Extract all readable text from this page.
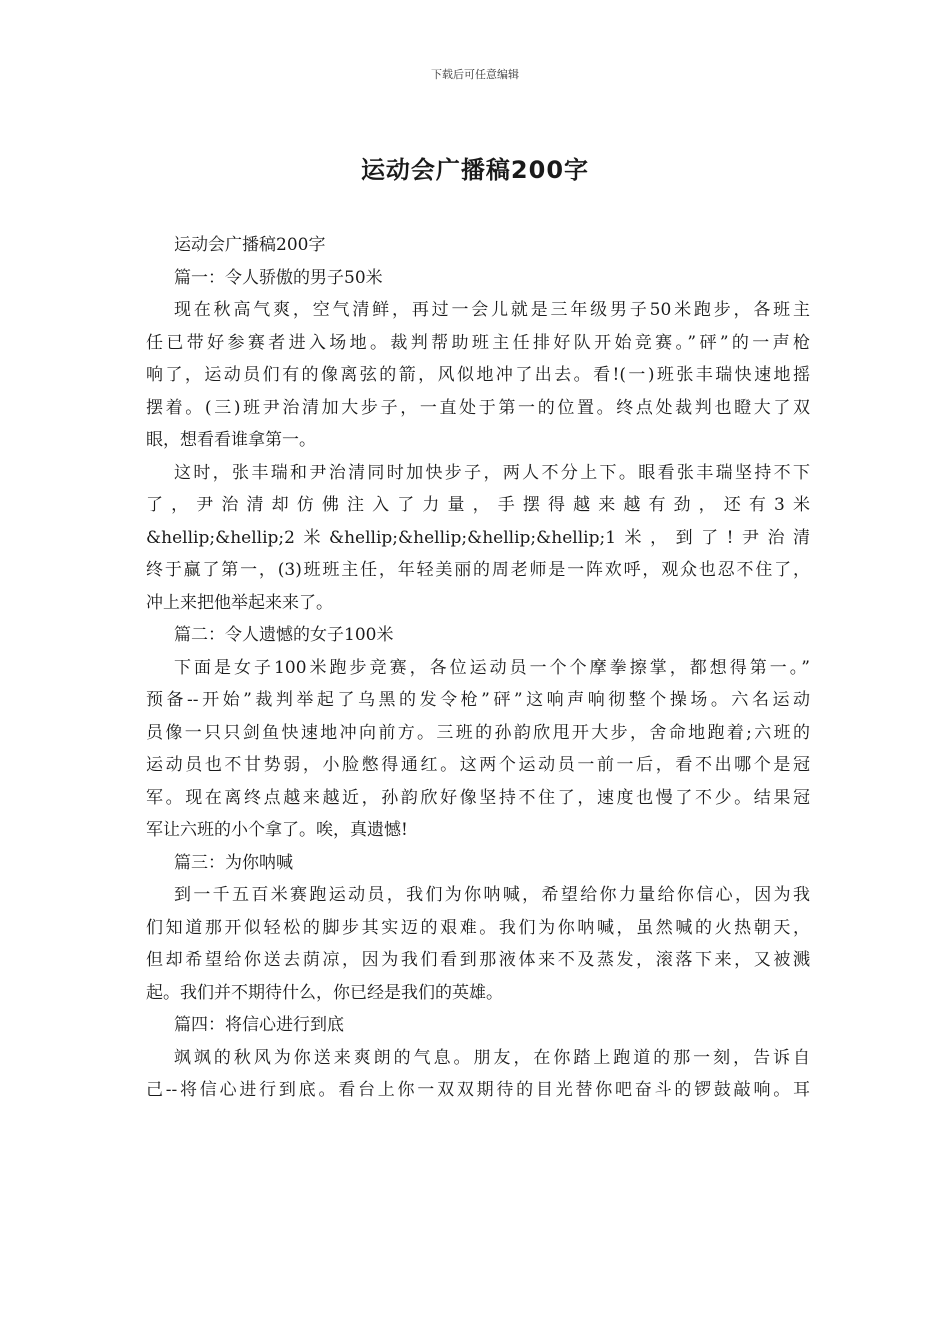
下载后可任意编辑
运动会广播稿200字
运动会广播稿200字
篇一：令人骄傲的男子50米
现在秋高气爽，空气清鲜，再过一会儿就是三年级男子50米跑步，各班主
任已带好参赛者进入场地。裁判帮助班主任排好队开始竞赛。”砰”的一声枪
响了，运动员们有的像离弦的箭，风似地冲了出去。看!(一)班张丰瑞快速地摇
摆着。(三)班尹治清加大步子，一直处于第一的位置。终点处裁判也瞪大了双
眼，想看看谁拿第一。
这时，张丰瑞和尹治清同时加快步子，两人不分上下。眼看张丰瑞坚持不下
了，尹治清却仿佛注入了力量，手摆得越来越有劲，还有3米
&hellip;&hellip;2米&hellip;&hellip;&hellip;&hellip;1米，到了!尹治清
终于赢了第一，(3)班班主任，年轻美丽的周老师是一阵欢呼，观众也忍不住了，
冲上来把他举起来来了。
篇二：令人遗憾的女子100米
下面是女子100米跑步竞赛，各位运动员一个个摩拳擦掌，都想得第一。”
预备--开始”裁判举起了乌黑的发令枪”砰”这响声响彻整个操场。六名运动
员像一只只剑鱼快速地冲向前方。三班的孙韵欣甩开大步，舍命地跑着;六班的
运动员也不甘势弱，小脸憋得通红。这两个运动员一前一后，看不出哪个是冠
军。现在离终点越来越近，孙韵欣好像坚持不住了，速度也慢了不少。结果冠
军让六班的小个拿了。唉，真遗憾!
篇三：为你呐喊
到一千五百米赛跑运动员，我们为你呐喊，希望给你力量给你信心，因为我
们知道那开似轻松的脚步其实迈的艰难。我们为你呐喊，虽然喊的火热朝天，
但却希望给你送去荫凉，因为我们看到那液体来不及蒸发，滚落下来，又被溅
起。我们并不期待什么，你已经是我们的英雄。
篇四：将信心进行到底
飒飒的秋风为你送来爽朗的气息。朋友，在你踏上跑道的那一刻，告诉自
己--将信心进行到底。看台上你一双双期待的目光替你吧奋斗的锣鼓敲响。耳
